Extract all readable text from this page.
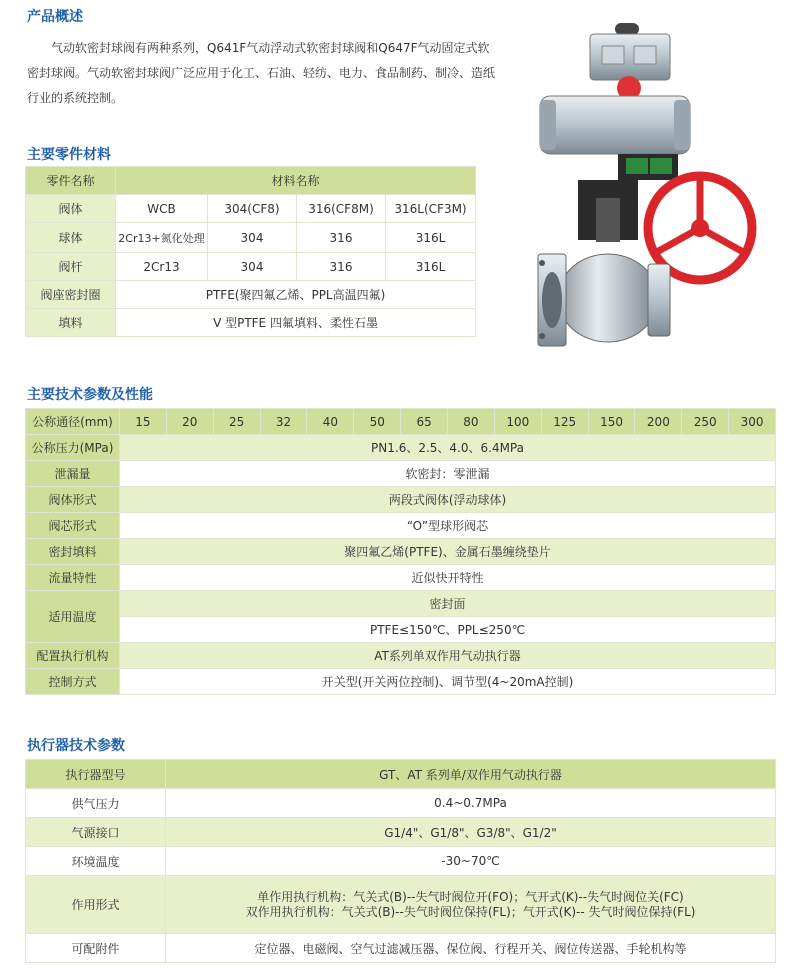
产品概述

气动软密封球阀有两种系列，Q641F气动浮动式软密封球阀和Q647F气动固定式软密封球阀。气动软密封球阀广泛应用于化工、石油、轻纺、电力、食品制药、制冷、造纸行业的系统控制。

主要零件材料
零件名称	材料名称			
阀体	WCB	304(CF8)	316(CF8M)	316L(CF3M)
球体	2Cr13+氮化处理	304	316	316L
阀杆	2Cr13	304	316	316L
阀座密封圈	PTFE(聚四氟乙烯、PPL高温四氟)			
填料	V 型PTFE 四氟填料、柔性石墨			
主要技术参数及性能
公称通径(mm)	15	20	25	32	40	50	65	80	100	125	150	200	250	300
公称压力(MPa)	PN1.6、2.5、4.0、6.4MPa													
泄漏量	软密封：零泄漏													
阀体形式	两段式阀体(浮动球体)													
阀芯形式	“O”型球形阀芯													
密封填料	聚四氟乙烯(PTFE)、金属石墨缠绕垫片													
流量特性	近似快开特性													
适用温度	密封面													
	PTFE≤150℃、PPL≤250℃													
配置执行机构	AT系列单双作用气动执行器													
控制方式	开关型(开关两位控制)、调节型(4~20mA控制)													
执行器技术参数
执行器型号	GT、AT 系列单/双作用气动执行器
供气压力	0.4~0.7MPa
气源接口	G1/4"、G1/8"、G3/8"、G1/2"
环境温度	-30~70℃
作用形式	单作用执行机构：气关式(B)--失气时阀位开(FO)；气开式(K)--失气时阀位关(FC)
双作用执行机构：气关式(B)--失气时阀位保持(FL)；气开式(K)-- 失气时阀位保持(FL)

可配附件	定位器、电磁阀、空气过滤减压器、保位阀、行程开关、阀位传送器、手轮机构等
